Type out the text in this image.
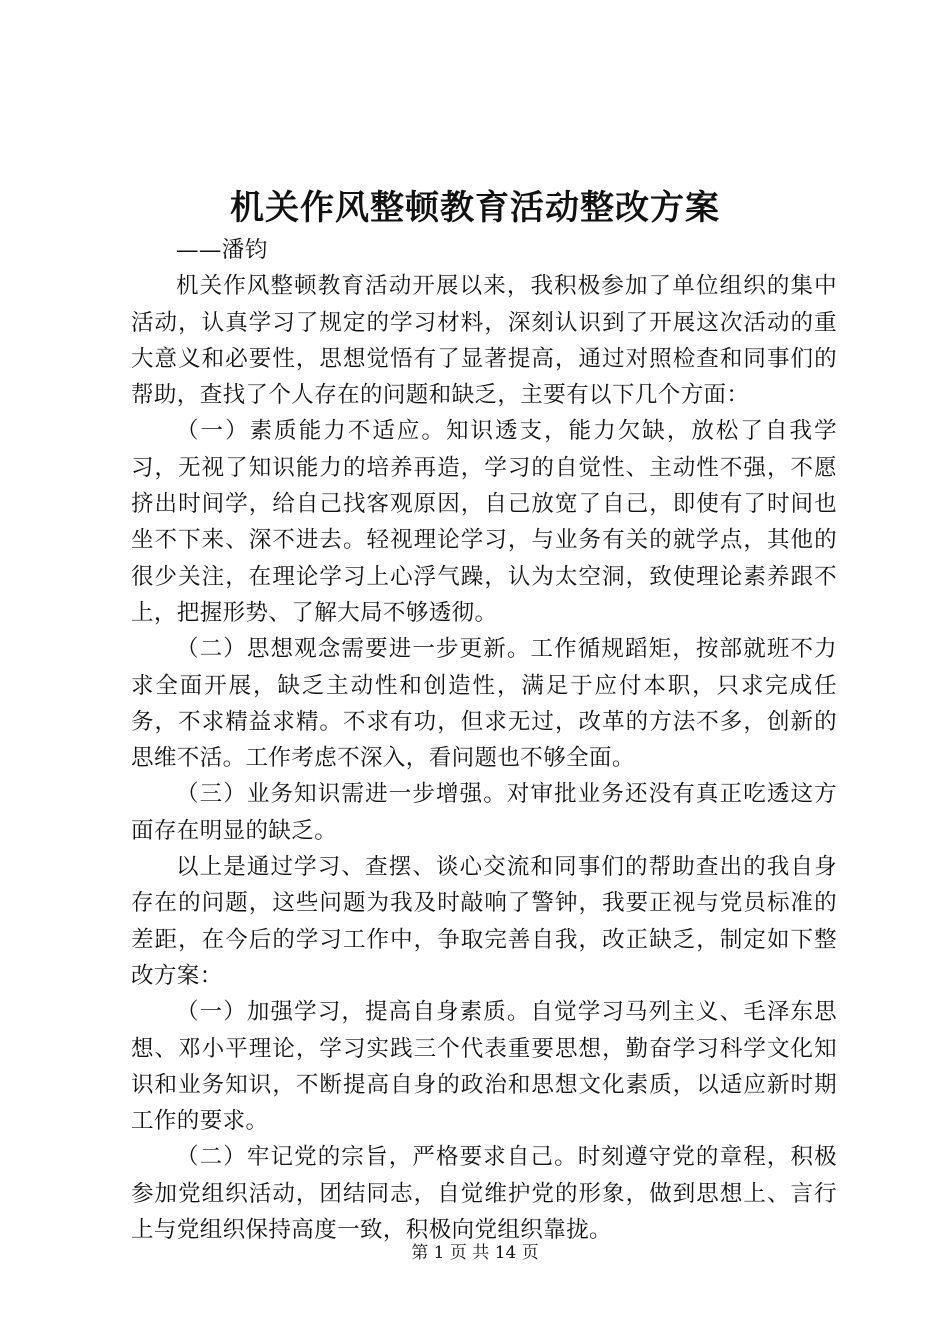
机关作风整顿教育活动整改方案

——潘钧

机关作风整顿教育活动开展以来，我积极参加了单位组织的集中活动，认真学习了规定的学习材料，深刻认识到了开展这次活动的重大意义和必要性，思想觉悟有了显著提高，通过对照检查和同事们的帮助，查找了个人存在的问题和缺乏，主要有以下几个方面：

（一）素质能力不适应。知识透支，能力欠缺，放松了自我学习，无视了知识能力的培养再造，学习的自觉性、主动性不强，不愿挤出时间学，给自己找客观原因，自己放宽了自己，即使有了时间也坐不下来、深不进去。轻视理论学习，与业务有关的就学点，其他的很少关注，在理论学习上心浮气躁，认为太空洞，致使理论素养跟不上，把握形势、了解大局不够透彻。

（二）思想观念需要进一步更新。工作循规蹈矩，按部就班不力求全面开展，缺乏主动性和创造性，满足于应付本职，只求完成任务，不求精益求精。不求有功，但求无过，改革的方法不多，创新的思维不活。工作考虑不深入，看问题也不够全面。

（三）业务知识需进一步增强。对审批业务还没有真正吃透这方面存在明显的缺乏。

以上是通过学习、查摆、谈心交流和同事们的帮助查出的我自身存在的问题，这些问题为我及时敲响了警钟，我要正视与党员标准的差距，在今后的学习工作中，争取完善自我，改正缺乏，制定如下整改方案：

（一）加强学习，提高自身素质。自觉学习马列主义、毛泽东思想、邓小平理论，学习实践三个代表重要思想，勤奋学习科学文化知识和业务知识，不断提高自身的政治和思想文化素质，以适应新时期工作的要求。

（二）牢记党的宗旨，严格要求自己。时刻遵守党的章程，积极参加党组织活动，团结同志，自觉维护党的形象，做到思想上、言行上与党组织保持高度一致，积极向党组织靠拢。

第 1 页 共 14 页
